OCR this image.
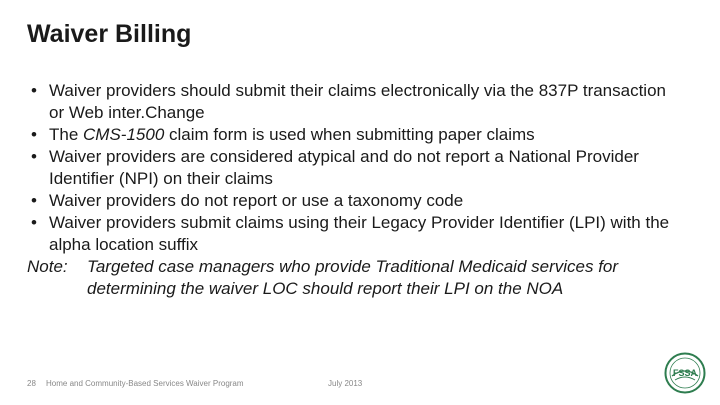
Waiver Billing
• Waiver providers should submit their claims electronically via the 837P transaction or Web inter.Change
• The CMS-1500 claim form is used when submitting paper claims
• Waiver providers are considered atypical and do not report a National Provider Identifier (NPI) on their claims
• Waiver providers do not report or use a taxonomy code
• Waiver providers submit claims using their Legacy Provider Identifier (LPI) with the alpha location suffix
Note:	Targeted case managers who provide Traditional Medicaid services for determining the waiver LOC should report their LPI on the NOA
28 Home and Community-Based Services Waiver Program	July 2013
FSSA
